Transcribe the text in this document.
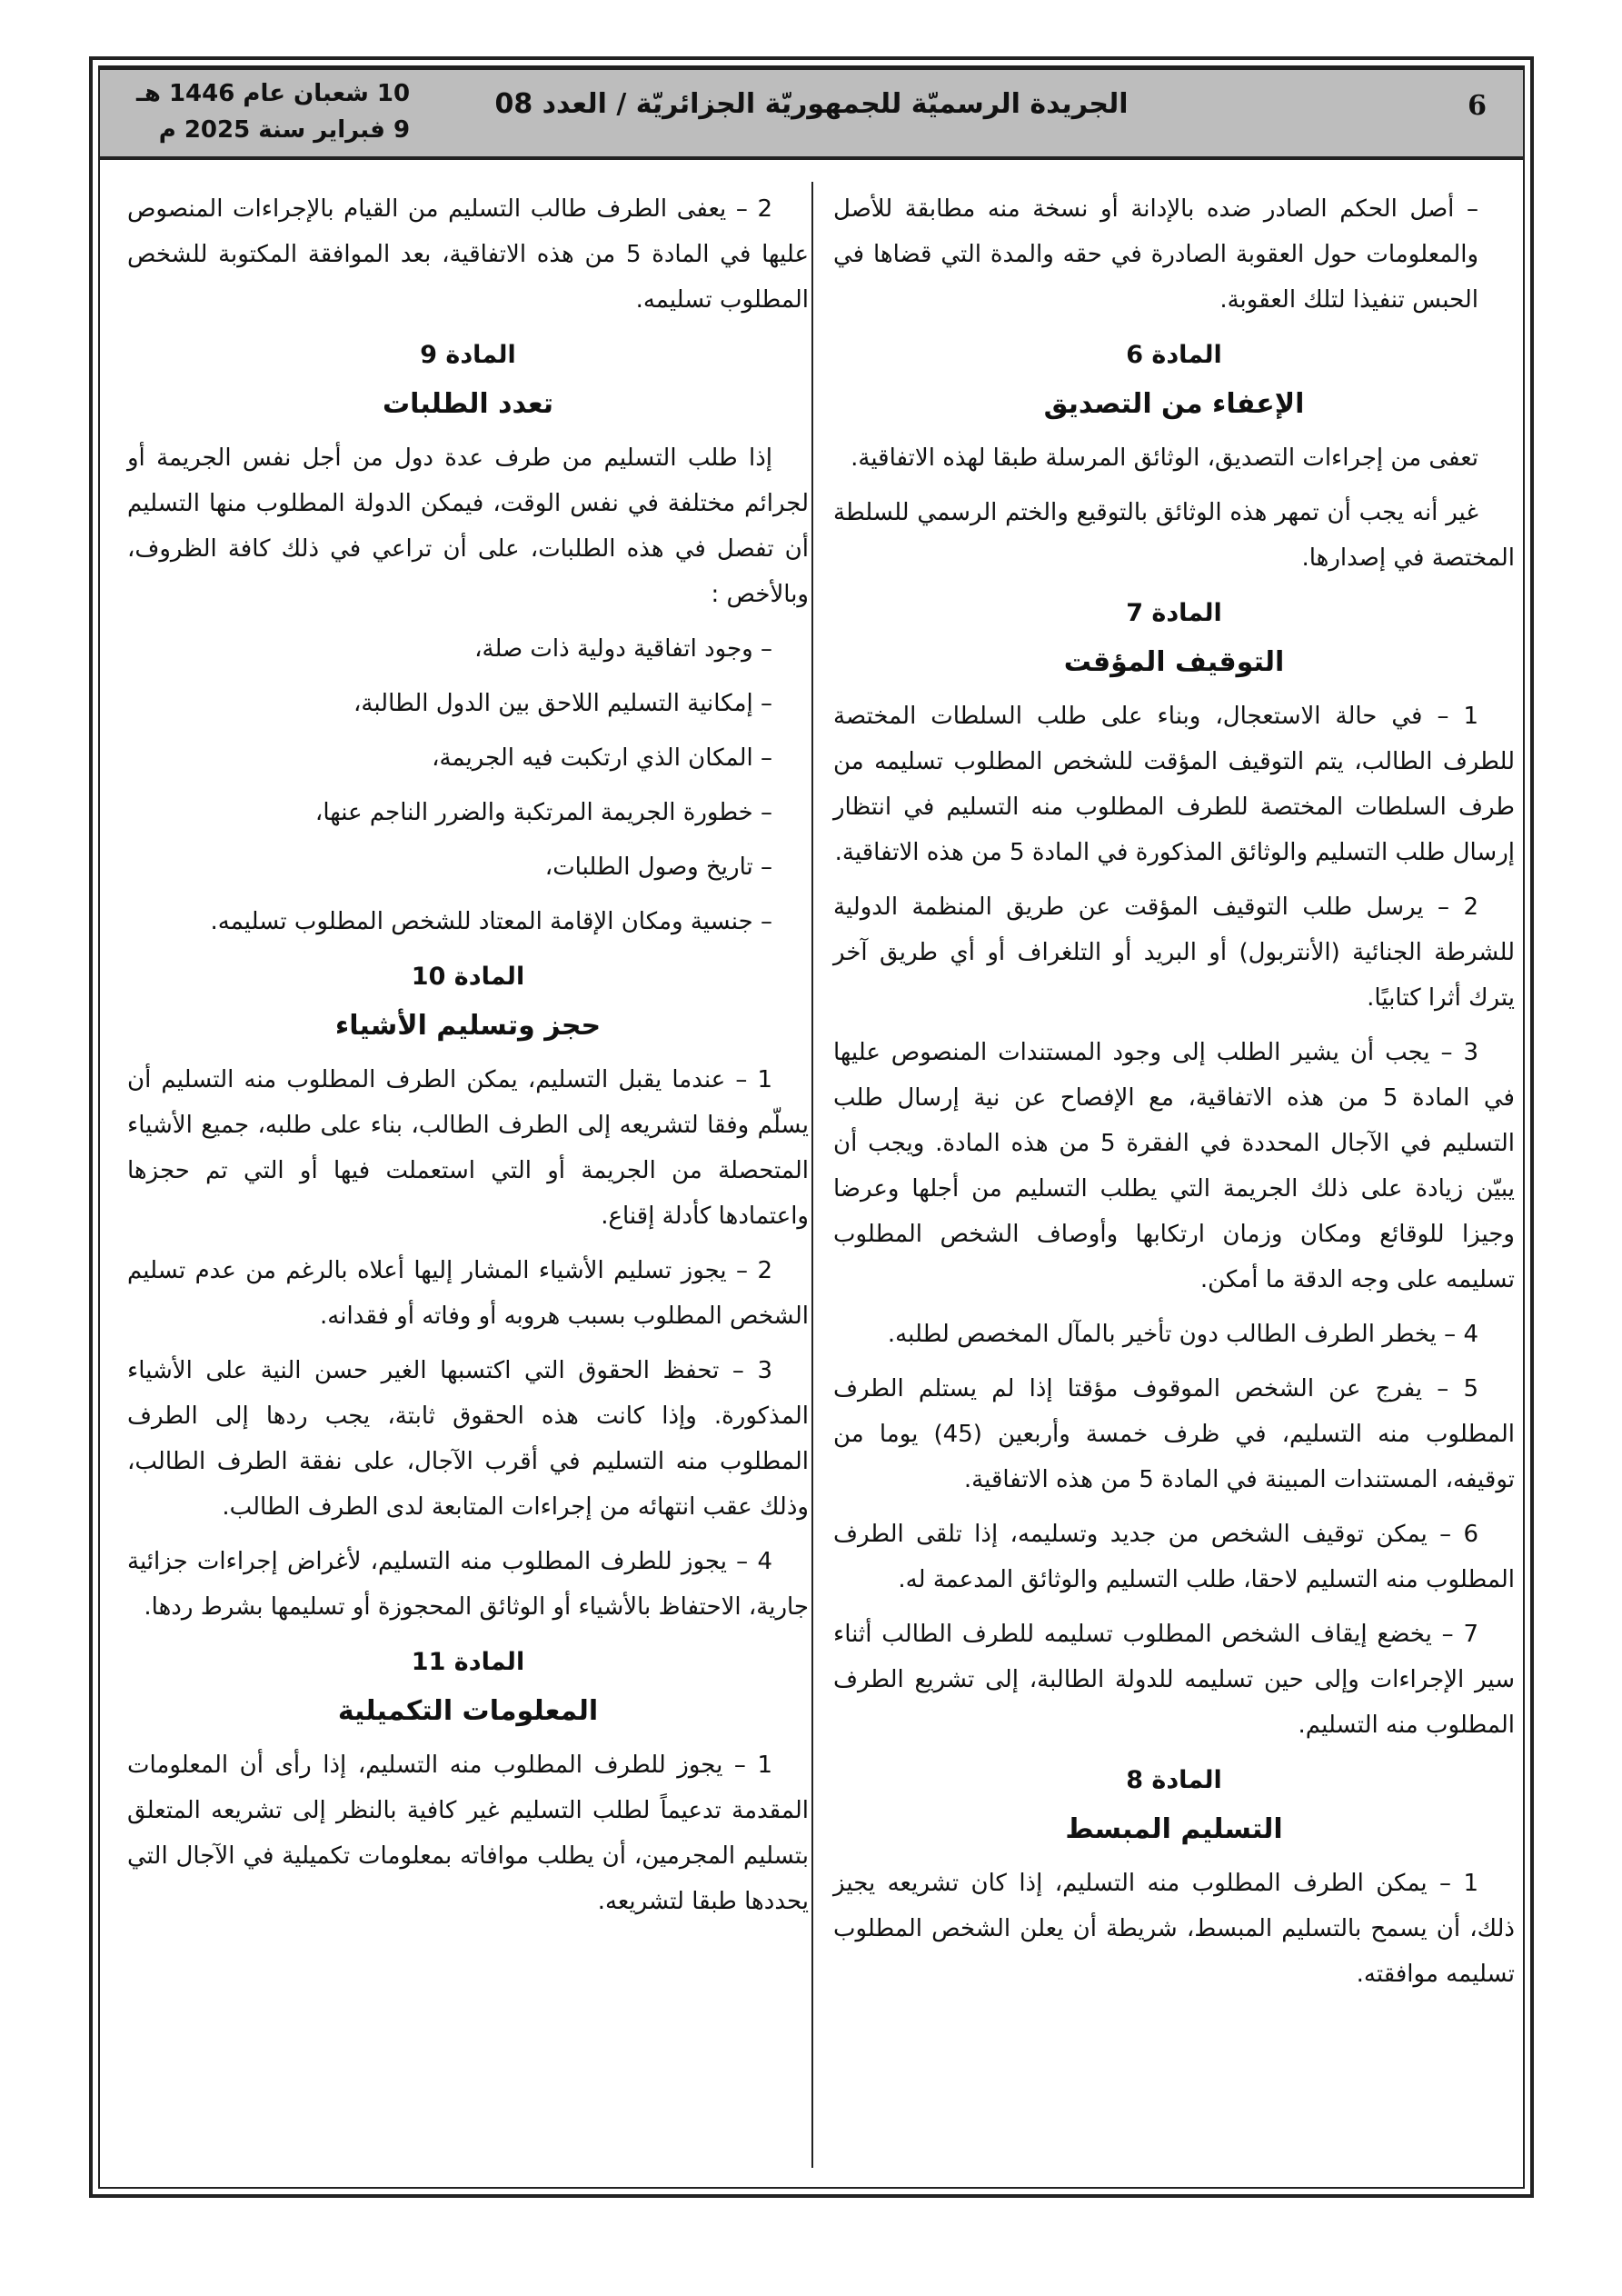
6
الجريدة الرسميّة للجمهوريّة الجزائريّة / العدد 08
10 شعبان عام 1446 هـ
9 فبراير سنة 2025 م

– أصل الحكم الصادر ضده بالإدانة أو نسخة منه مطابقة للأصل والمعلومات حول العقوبة الصادرة في حقه والمدة التي قضاها في الحبس تنفيذا لتلك العقوبة.

المادة 6
الإعفاء من التصديق

تعفى من إجراءات التصديق، الوثائق المرسلة طبقا لهذه الاتفاقية.

غير أنه يجب أن تمهر هذه الوثائق بالتوقيع والختم الرسمي للسلطة المختصة في إصدارها.

المادة 7
التوقيف المؤقت

1 – في حالة الاستعجال، وبناء على طلب السلطات المختصة للطرف الطالب، يتم التوقيف المؤقت للشخص المطلوب تسليمه من طرف السلطات المختصة للطرف المطلوب منه التسليم في انتظار إرسال طلب التسليم والوثائق المذكورة في المادة 5 من هذه الاتفاقية.

2 – يرسل طلب التوقيف المؤقت عن طريق المنظمة الدولية للشرطة الجنائية (الأنتربول) أو البريد أو التلغراف أو أي طريق آخر يترك أثرا كتابيًا.

3 – يجب أن يشير الطلب إلى وجود المستندات المنصوص عليها في المادة 5 من هذه الاتفاقية، مع الإفصاح عن نية إرسال طلب التسليم في الآجال المحددة في الفقرة 5 من هذه المادة. ويجب أن يبيّن زيادة على ذلك الجريمة التي يطلب التسليم من أجلها وعرضا وجيزا للوقائع ومكان وزمان ارتكابها وأوصاف الشخص المطلوب تسليمه على وجه الدقة ما أمكن.

4 – يخطر الطرف الطالب دون تأخير بالمآل المخصص لطلبه.

5 – يفرج عن الشخص الموقوف مؤقتا إذا لم يستلم الطرف المطلوب منه التسليم، في ظرف خمسة وأربعين (45) يوما من توقيفه، المستندات المبينة في المادة 5 من هذه الاتفاقية.

6 – يمكن توقيف الشخص من جديد وتسليمه، إذا تلقى الطرف المطلوب منه التسليم لاحقا، طلب التسليم والوثائق المدعمة له.

7 – يخضع إيقاف الشخص المطلوب تسليمه للطرف الطالب أثناء سير الإجراءات وإلى حين تسليمه للدولة الطالبة، إلى تشريع الطرف المطلوب منه التسليم.

المادة 8
التسليم المبسط

1 – يمكن الطرف المطلوب منه التسليم، إذا كان تشريعه يجيز ذلك، أن يسمح بالتسليم المبسط، شريطة أن يعلن الشخص المطلوب تسليمه موافقته.

2 – يعفى الطرف طالب التسليم من القيام بالإجراءات المنصوص عليها في المادة 5 من هذه الاتفاقية، بعد الموافقة المكتوبة للشخص المطلوب تسليمه.

المادة 9
تعدد الطلبات

إذا طلب التسليم من طرف عدة دول من أجل نفس الجريمة أو لجرائم مختلفة في نفس الوقت، فيمكن الدولة المطلوب منها التسليم أن تفصل في هذه الطلبات، على أن تراعي في ذلك كافة الظروف، وبالأخص :

– وجود اتفاقية دولية ذات صلة،

– إمكانية التسليم اللاحق بين الدول الطالبة،

– المكان الذي ارتكبت فيه الجريمة،

– خطورة الجريمة المرتكبة والضرر الناجم عنها،

– تاريخ وصول الطلبات،

– جنسية ومكان الإقامة المعتاد للشخص المطلوب تسليمه.

المادة 10
حجز وتسليم الأشياء

1 – عندما يقبل التسليم، يمكن الطرف المطلوب منه التسليم أن يسلّم وفقا لتشريعه إلى الطرف الطالب، بناء على طلبه، جميع الأشياء المتحصلة من الجريمة أو التي استعملت فيها أو التي تم حجزها واعتمادها كأدلة إقناع.

2 – يجوز تسليم الأشياء المشار إليها أعلاه بالرغم من عدم تسليم الشخص المطلوب بسبب هروبه أو وفاته أو فقدانه.

3 – تحفظ الحقوق التي اكتسبها الغير حسن النية على الأشياء المذكورة. وإذا كانت هذه الحقوق ثابتة، يجب ردها إلى الطرف المطلوب منه التسليم في أقرب الآجال، على نفقة الطرف الطالب، وذلك عقب انتهائه من إجراءات المتابعة لدى الطرف الطالب.

4 – يجوز للطرف المطلوب منه التسليم، لأغراض إجراءات جزائية جارية، الاحتفاظ بالأشياء أو الوثائق المحجوزة أو تسليمها بشرط ردها.

المادة 11
المعلومات التكميلية

1 – يجوز للطرف المطلوب منه التسليم، إذا رأى أن المعلومات المقدمة تدعيماً لطلب التسليم غير كافية بالنظر إلى تشريعه المتعلق بتسليم المجرمين، أن يطلب موافاته بمعلومات تكميلية في الآجال التي يحددها طبقا لتشريعه.
